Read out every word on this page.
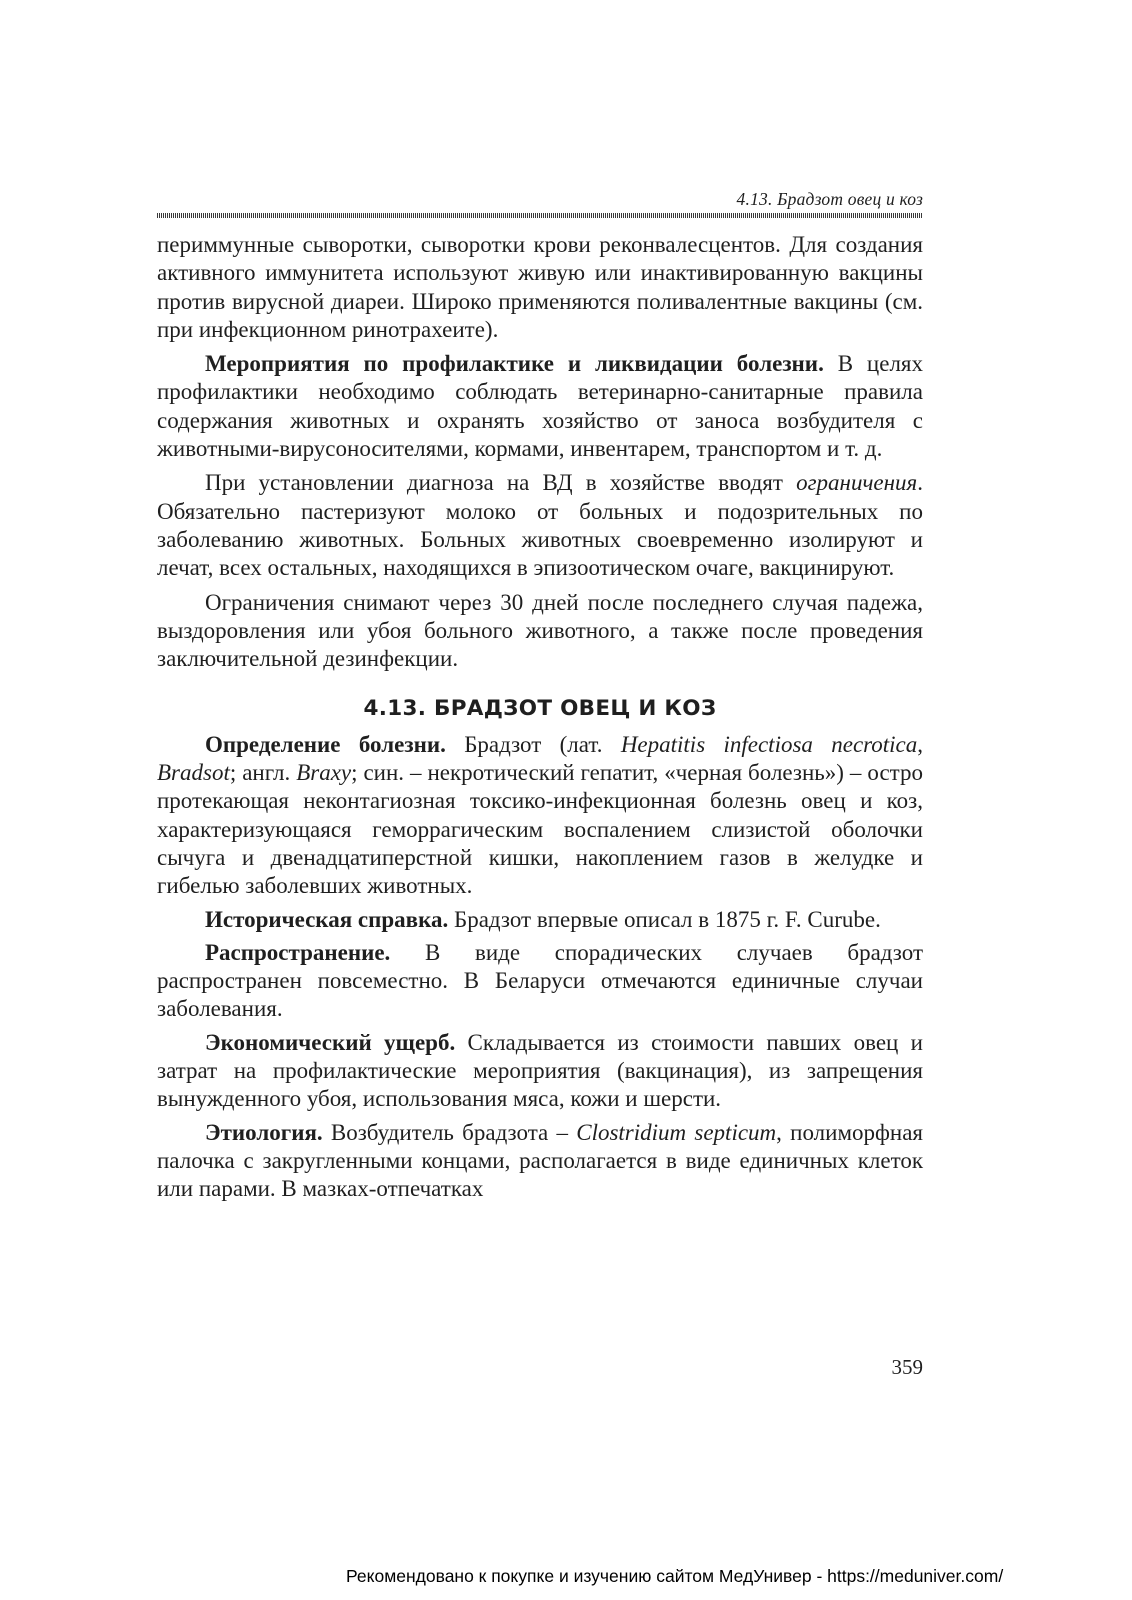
4.13. Брадзот овец и коз

периммунные сыворотки, сыворотки крови реконвалесцентов. Для создания активного иммунитета используют живую или инактивированную вакцины против вирусной диареи. Широко применяются поливалентные вакцины (см. при инфекционном ринотрахеите).

Мероприятия по профилактике и ликвидации болезни. В целях профилактики необходимо соблюдать ветеринарно-санитарные правила содержания животных и охранять хозяйство от заноса возбудителя с животными-вирусоносителями, кормами, инвентарем, транспортом и т. д.

При установлении диагноза на ВД в хозяйстве вводят ограничения. Обязательно пастеризуют молоко от больных и подозрительных по заболеванию животных. Больных животных своевременно изолируют и лечат, всех остальных, находящихся в эпизоотическом очаге, вакцинируют.

Ограничения снимают через 30 дней после последнего случая падежа, выздоровления или убоя больного животного, а также после проведения заключительной дезинфекции.

4.13. БРАДЗОТ ОВЕЦ И КОЗ

Определение болезни. Брадзот (лат. Hepatitis infectiosa necrotica, Bradsot; англ. Braxy; син. – некротический гепатит, «черная болезнь») – остро протекающая неконтагиозная токсико-инфекционная болезнь овец и коз, характеризующаяся геморрагическим воспалением слизистой оболочки сычуга и двенадцатиперстной кишки, накоплением газов в желудке и гибелью заболевших животных.

Историческая справка. Брадзот впервые описал в 1875 г. F. Curube.

Распространение. В виде спорадических случаев брадзот распространен повсеместно. В Беларуси отмечаются единичные случаи заболевания.

Экономический ущерб. Складывается из стоимости павших овец и затрат на профилактические мероприятия (вакцинация), из запрещения вынужденного убоя, использования мяса, кожи и шерсти.

Этиология. Возбудитель брадзота – Clostridium septicum, полиморфная палочка с закругленными концами, располагается в виде единичных клеток или парами. В мазках-отпечатках

359
Рекомендовано к покупке и изучению сайтом МедУнивер - https://meduniver.com/
